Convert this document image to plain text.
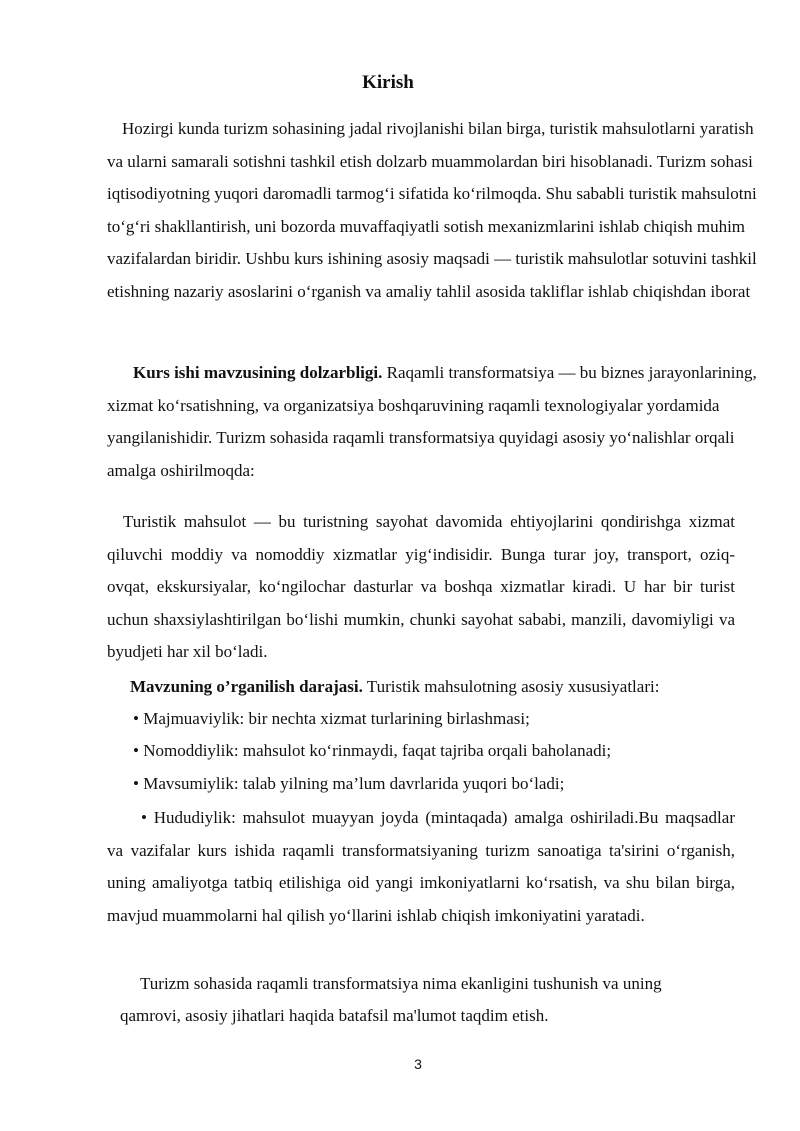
Kirish

Hozirgi kunda turizm sohasining jadal rivojlanishi bilan birga, turistik mahsulotlarni yaratish va ularni samarali sotishni tashkil etish dolzarb muammolardan biri hisoblanadi. Turizm sohasi iqtisodiyotning yuqori daromadli tarmog‘i sifatida ko‘rilmoqda. Shu sababli turistik mahsulotni to‘g‘ri shakllantirish, uni bozorda muvaffaqiyatli sotish mexanizmlarini ishlab chiqish muhim vazifalardan biridir. Ushbu kurs ishining asosiy maqsadi — turistik mahsulotlar sotuvini tashkil etishning nazariy asoslarini o‘rganish va amaliy tahlil asosida takliflar ishlab chiqishdan iborat

Kurs ishi mavzusining dolzarbligi. Raqamli transformatsiya — bu biznes jarayonlarining, xizmat ko‘rsatishning, va organizatsiya boshqaruvining raqamli texnologiyalar yordamida yangilanishidir. Turizm sohasida raqamli transformatsiya quyidagi asosiy yo‘nalishlar orqali amalga oshirilmoqda:

Turistik mahsulot — bu turistning sayohat davomida ehtiyojlarini qondirishga xizmat qiluvchi moddiy va nomoddiy xizmatlar yig‘indisidir. Bunga turar joy, transport, oziq-ovqat, ekskursiyalar, ko‘ngilochar dasturlar va boshqa xizmatlar kiradi. U har bir turist uchun shaxsiylashtirilgan bo‘lishi mumkin, chunki sayohat sababi, manzili, davomiyligi va byudjeti har xil bo‘ladi.

Mavzuning o’rganilish darajasi. Turistik mahsulotning asosiy xususiyatlari:
• Majmuaviylik: bir nechta xizmat turlarining birlashmasi;
• Nomoddiylik: mahsulot ko‘rinmaydi, faqat tajriba orqali baholanadi;
• Mavsumiylik: talab yilning ma’lum davrlarida yuqori bo‘ladi;

• Hududiylik: mahsulot muayyan joyda (mintaqada) amalga oshiriladi.Bu maqsadlar va vazifalar kurs ishida raqamli transformatsiyaning turizm sanoatiga ta'sirini o‘rganish, uning amaliyotga tatbiq etilishiga oid yangi imkoniyatlarni ko‘rsatish, va shu bilan birga, mavjud muammolarni hal qilish yo‘llarini ishlab chiqish imkoniyatini yaratadi.

Turizm sohasida raqamli transformatsiya nima ekanligini tushunish va uning
qamrovi, asosiy jihatlari haqida batafsil ma'lumot taqdim etish.
3
